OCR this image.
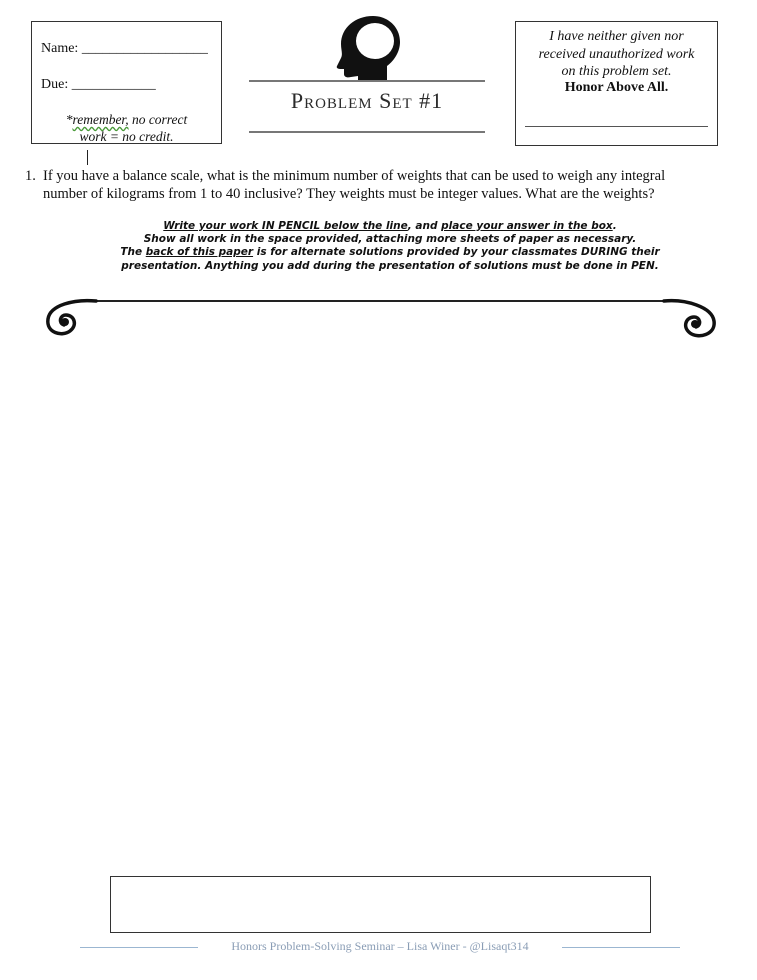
Name: __________________
Due: ____________
*remember, no correct
work = no credit.
Problem Set #1
I have neither given nor
received unauthorized work
on this problem set.
Honor Above All.
1. If you have a balance scale, what is the minimum number of weights that can be used to weigh any integral number of kilograms from 1 to 40 inclusive? They weights must be integer values. What are the weights?
Write your work IN PENCIL below the line, and place your answer in the box.
Show all work in the space provided, attaching more sheets of paper as necessary.
The back of this paper is for alternate solutions provided by your classmates DURING their
presentation. Anything you add during the presentation of solutions must be done in PEN.
Honors Problem-Solving Seminar – Lisa Winer - @Lisaqt314
